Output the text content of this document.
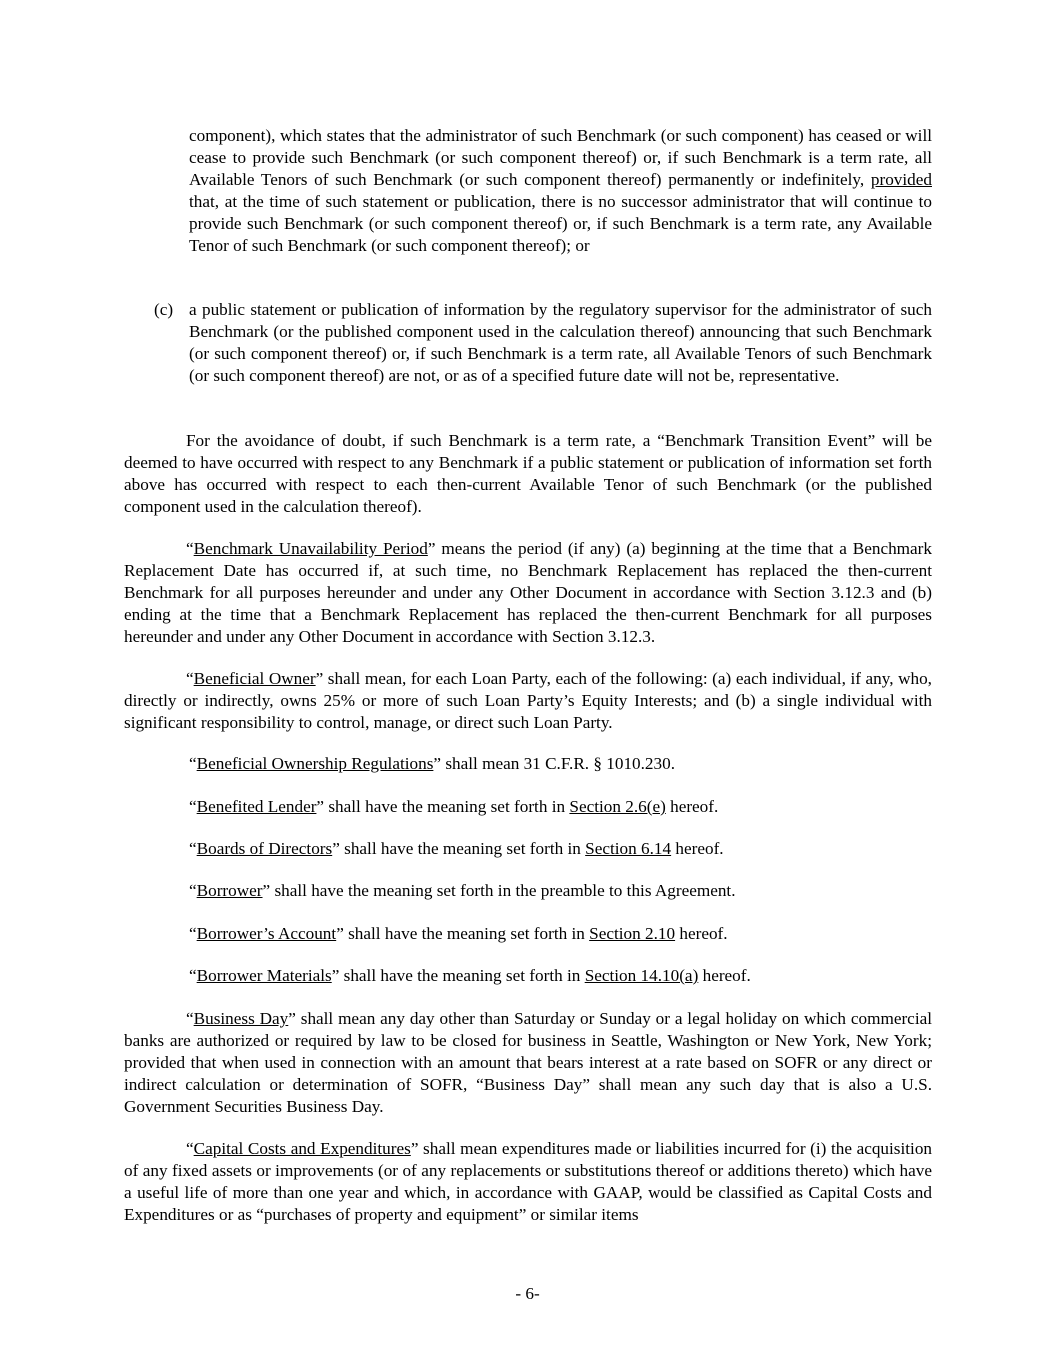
component), which states that the administrator of such Benchmark (or such component) has ceased or will cease to provide such Benchmark (or such component thereof) or, if such Benchmark is a term rate, all Available Tenors of such Benchmark (or such component thereof) permanently or indefinitely, provided that, at the time of such statement or publication, there is no successor administrator that will continue to provide such Benchmark (or such component thereof) or, if such Benchmark is a term rate, any Available Tenor of such Benchmark (or such component thereof); or

(c) a public statement or publication of information by the regulatory supervisor for the administrator of such Benchmark (or the published component used in the calculation thereof) announcing that such Benchmark (or such component thereof) or, if such Benchmark is a term rate, all Available Tenors of such Benchmark (or such component thereof) are not, or as of a specified future date will not be, representative.

For the avoidance of doubt, if such Benchmark is a term rate, a “Benchmark Transition Event” will be deemed to have occurred with respect to any Benchmark if a public statement or publication of information set forth above has occurred with respect to each then-current Available Tenor of such Benchmark (or the published component used in the calculation thereof).

“Benchmark Unavailability Period” means the period (if any) (a) beginning at the time that a Benchmark Replacement Date has occurred if, at such time, no Benchmark Replacement has replaced the then-current Benchmark for all purposes hereunder and under any Other Document in accordance with Section 3.12.3 and (b) ending at the time that a Benchmark Replacement has replaced the then-current Benchmark for all purposes hereunder and under any Other Document in accordance with Section 3.12.3.

“Beneficial Owner” shall mean, for each Loan Party, each of the following: (a) each individual, if any, who, directly or indirectly, owns 25% or more of such Loan Party’s Equity Interests; and (b) a single individual with significant responsibility to control, manage, or direct such Loan Party.

“Beneficial Ownership Regulations” shall mean 31 C.F.R. § 1010.230.

“Benefited Lender” shall have the meaning set forth in Section 2.6(e) hereof.

“Boards of Directors” shall have the meaning set forth in Section 6.14 hereof.

“Borrower” shall have the meaning set forth in the preamble to this Agreement.

“Borrower’s Account” shall have the meaning set forth in Section 2.10 hereof.

“Borrower Materials” shall have the meaning set forth in Section 14.10(a) hereof.

“Business Day” shall mean any day other than Saturday or Sunday or a legal holiday on which commercial banks are authorized or required by law to be closed for business in Seattle, Washington or New York, New York; provided that when used in connection with an amount that bears interest at a rate based on SOFR or any direct or indirect calculation or determination of SOFR, “Business Day” shall mean any such day that is also a U.S. Government Securities Business Day.

“Capital Costs and Expenditures” shall mean expenditures made or liabilities incurred for (i) the acquisition of any fixed assets or improvements (or of any replacements or substitutions thereof or additions thereto) which have a useful life of more than one year and which, in accordance with GAAP, would be classified as Capital Costs and Expenditures or as “purchases of property and equipment” or similar items

- 6-
